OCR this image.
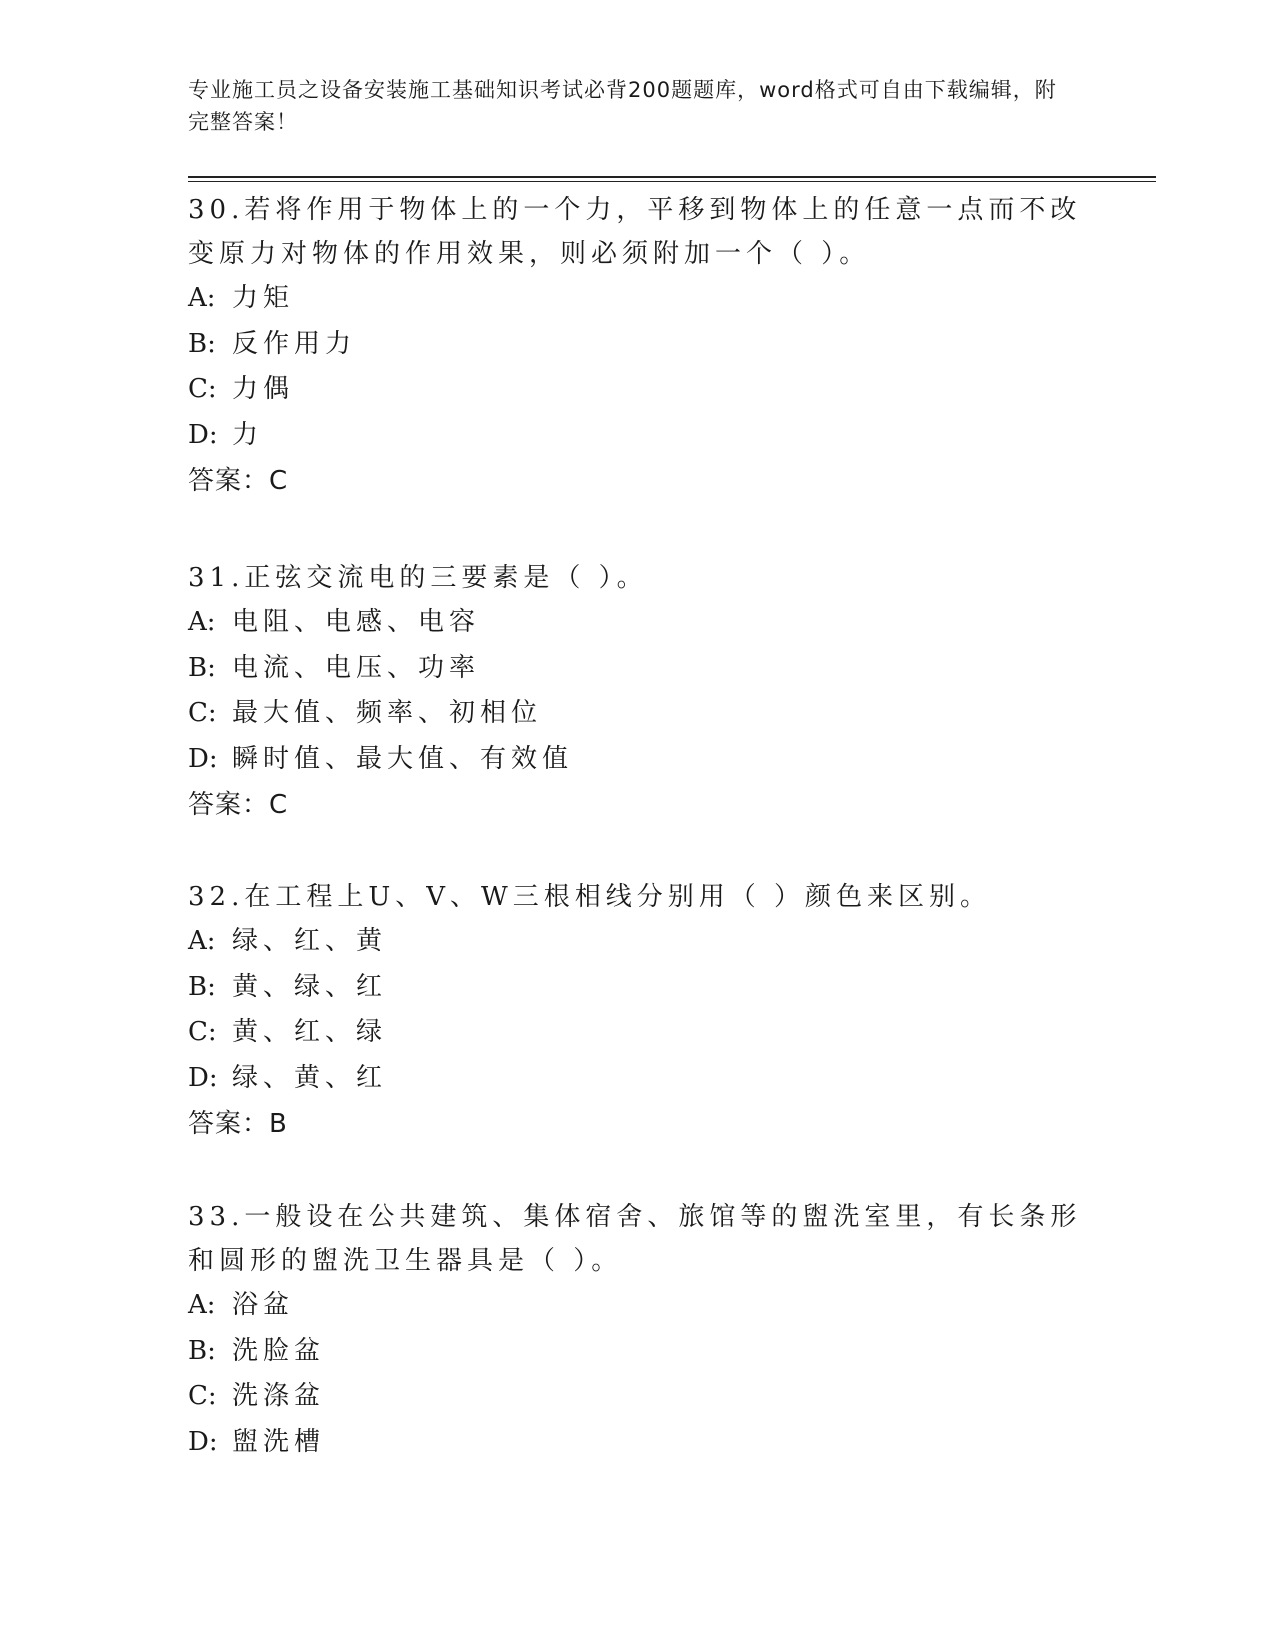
专业施工员之设备安装施工基础知识考试必背200题题库，word格式可自由下载编辑，附完整答案！

30.若将作用于物体上的一个力，平移到物体上的任意一点而不改变原力对物体的作用效果，则必须附加一个（ ）。

A: 力矩

B: 反作用力

C: 力偶

D: 力

答案：C

31.正弦交流电的三要素是（ ）。

A: 电阻、电感、电容

B: 电流、电压、功率

C: 最大值、频率、初相位

D: 瞬时值、最大值、有效值

答案：C

32.在工程上U、V、W三根相线分别用（ ）颜色来区别。

A: 绿、红、黄

B: 黄、绿、红

C: 黄、红、绿

D: 绿、黄、红

答案：B

33.一般设在公共建筑、集体宿舍、旅馆等的盥洗室里，有长条形和圆形的盥洗卫生器具是（ ）。

A: 浴盆

B: 洗脸盆

C: 洗涤盆

D: 盥洗槽
